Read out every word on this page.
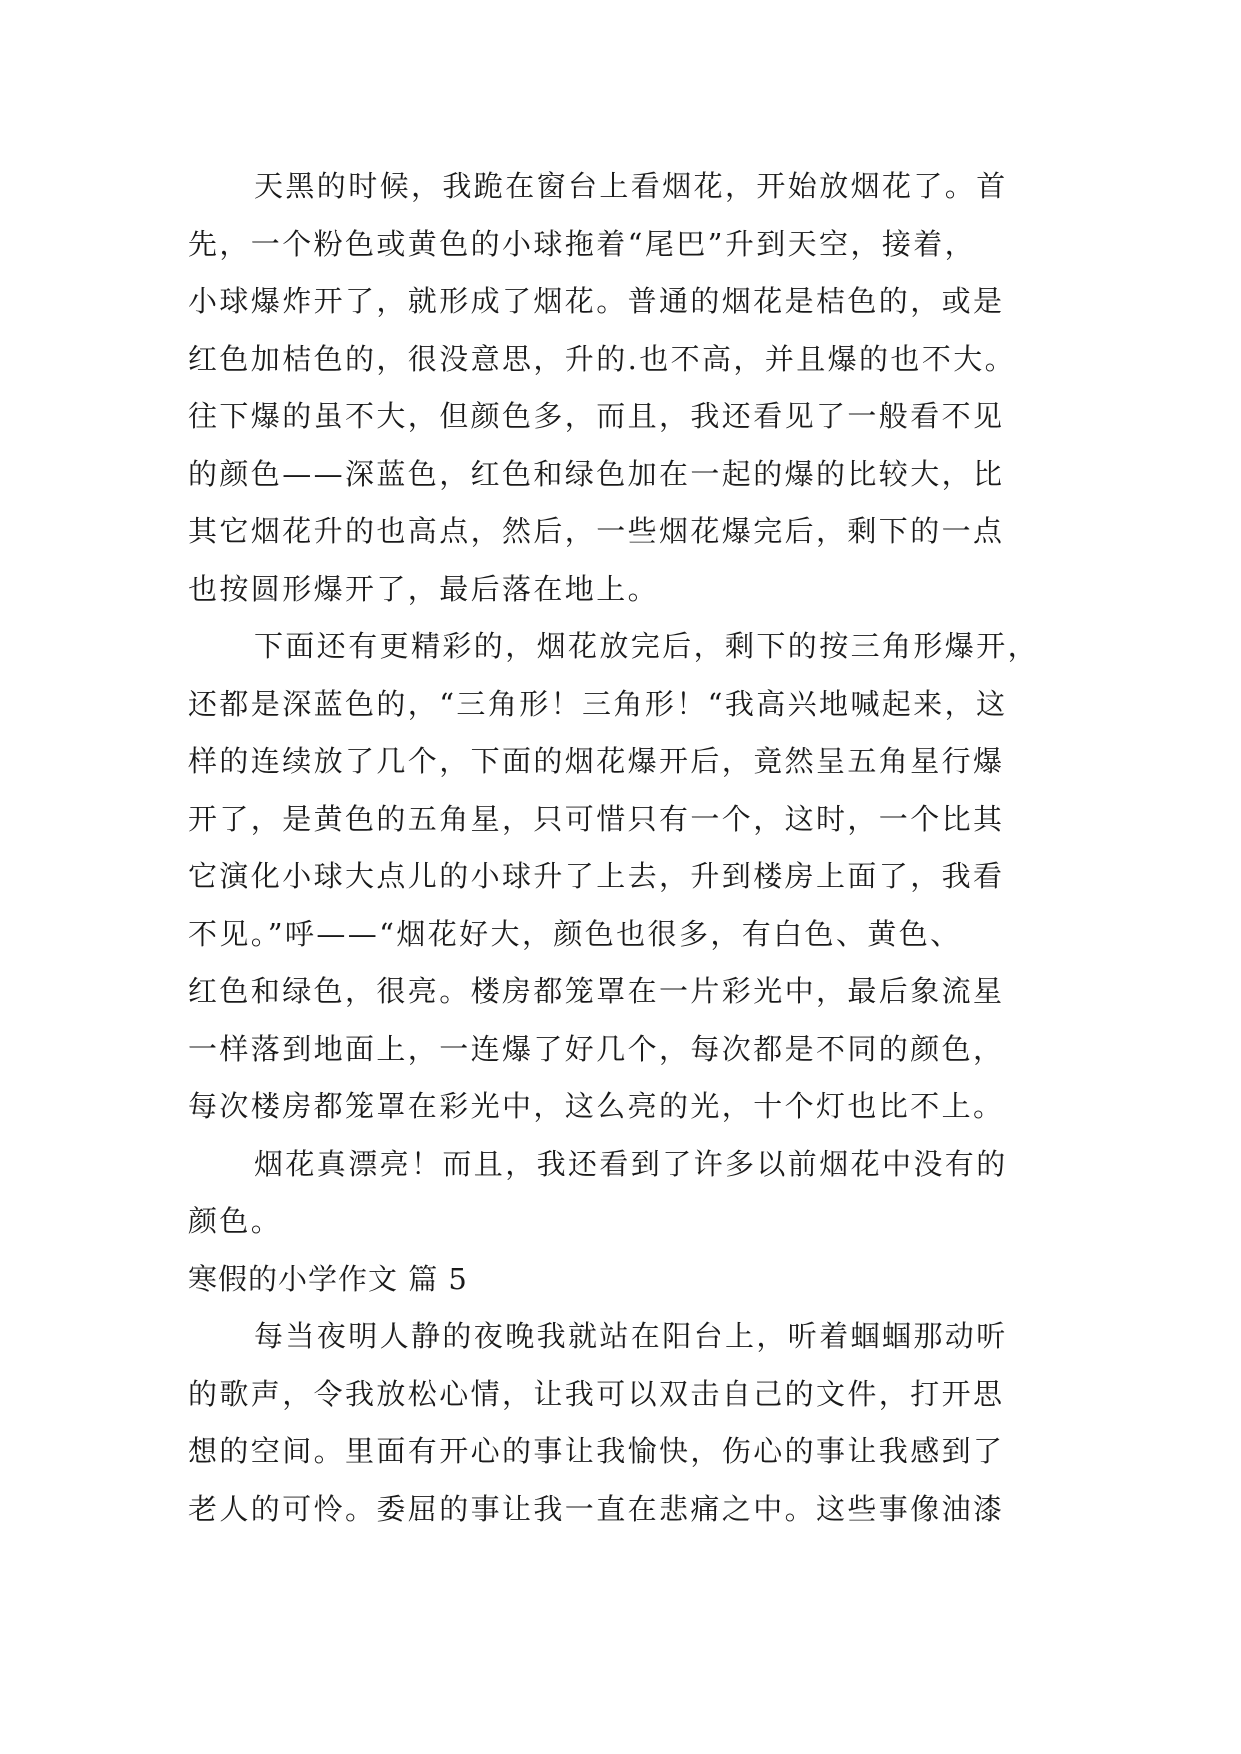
天黑的时候，我跪在窗台上看烟花，开始放烟花了。首
先，一个粉色或黄色的小球拖着“尾巴”升到天空，接着，
小球爆炸开了，就形成了烟花。普通的烟花是桔色的，或是
红色加桔色的，很没意思，升的.也不高，并且爆的也不大。
往下爆的虽不大，但颜色多，而且，我还看见了一般看不见
的颜色——深蓝色，红色和绿色加在一起的爆的比较大，比
其它烟花升的也高点，然后，一些烟花爆完后，剩下的一点
也按圆形爆开了，最后落在地上。

下面还有更精彩的，烟花放完后，剩下的按三角形爆开，
还都是深蓝色的，“三角形！三角形！“我高兴地喊起来，这
样的连续放了几个，下面的烟花爆开后，竟然呈五角星行爆
开了，是黄色的五角星，只可惜只有一个，这时，一个比其
它演化小球大点儿的小球升了上去，升到楼房上面了，我看
不见。”呼——“烟花好大，颜色也很多，有白色、黄色、
红色和绿色，很亮。楼房都笼罩在一片彩光中，最后象流星
一样落到地面上，一连爆了好几个，每次都是不同的颜色，
每次楼房都笼罩在彩光中，这么亮的光，十个灯也比不上。

烟花真漂亮！而且，我还看到了许多以前烟花中没有的
颜色。

寒假的小学作文 篇 5

每当夜明人静的夜晚我就站在阳台上，听着蝈蝈那动听
的歌声，令我放松心情，让我可以双击自己的文件，打开思
想的空间。里面有开心的事让我愉快，伤心的事让我感到了
老人的可怜。委屈的事让我一直在悲痛之中。这些事像油漆
